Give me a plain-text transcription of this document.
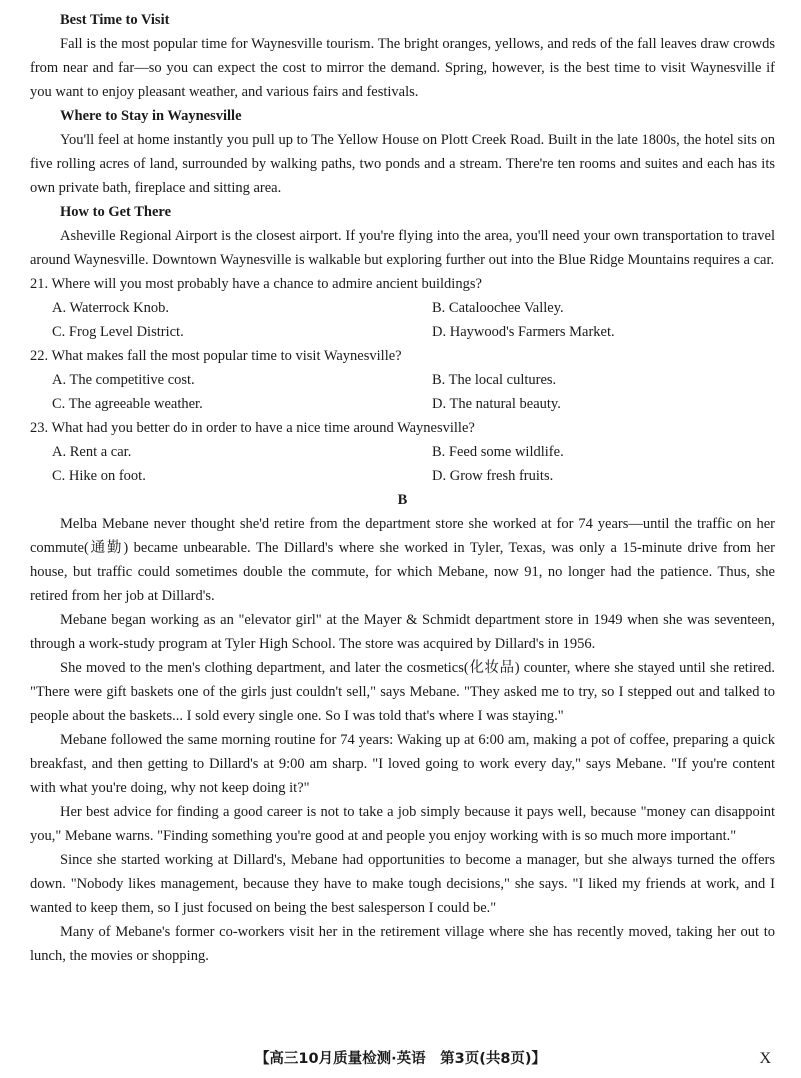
Best Time to Visit

Fall is the most popular time for Waynesville tourism. The bright oranges, yellows, and reds of the fall leaves draw crowds from near and far—so you can expect the cost to mirror the demand. Spring, however, is the best time to visit Waynesville if you want to enjoy pleasant weather, and various fairs and festivals.

Where to Stay in Waynesville

You'll feel at home instantly you pull up to The Yellow House on Plott Creek Road. Built in the late 1800s, the hotel sits on five rolling acres of land, surrounded by walking paths, two ponds and a stream. There're ten rooms and suites and each has its own private bath, fireplace and sitting area.

How to Get There

Asheville Regional Airport is the closest airport. If you're flying into the area, you'll need your own transportation to travel around Waynesville. Downtown Waynesville is walkable but exploring further out into the Blue Ridge Mountains requires a car.

21. Where will you most probably have a chance to admire ancient buildings?

A. Waterrock Knob.	B. Cataloochee Valley.
C. Frog Level District.	D. Haywood's Farmers Market.

22. What makes fall the most popular time to visit Waynesville?

A. The competitive cost.	B. The local cultures.
C. The agreeable weather.	D. The natural beauty.

23. What had you better do in order to have a nice time around Waynesville?

A. Rent a car.	B. Feed some wildlife.
C. Hike on foot.	D. Grow fresh fruits.

B

Melba Mebane never thought she'd retire from the department store she worked at for 74 years—until the traffic on her commute(通勤) became unbearable. The Dillard's where she worked in Tyler, Texas, was only a 15-minute drive from her house, but traffic could sometimes double the commute, for which Mebane, now 91, no longer had the patience. Thus, she retired from her job at Dillard's.

Mebane began working as an "elevator girl" at the Mayer & Schmidt department store in 1949 when she was seventeen, through a work-study program at Tyler High School. The store was acquired by Dillard's in 1956.

She moved to the men's clothing department, and later the cosmetics(化妆品) counter, where she stayed until she retired. "There were gift baskets one of the girls just couldn't sell," says Mebane. "They asked me to try, so I stepped out and talked to people about the baskets... I sold every single one. So I was told that's where I was staying."

Mebane followed the same morning routine for 74 years: Waking up at 6:00 am, making a pot of coffee, preparing a quick breakfast, and then getting to Dillard's at 9:00 am sharp. "I loved going to work every day," says Mebane. "If you're content with what you're doing, why not keep doing it?"

Her best advice for finding a good career is not to take a job simply because it pays well, because "money can disappoint you," Mebane warns. "Finding something you're good at and people you enjoy working with is so much more important."

Since she started working at Dillard's, Mebane had opportunities to become a manager, but she always turned the offers down. "Nobody likes management, because they have to make tough decisions," she says. "I liked my friends at work, and I wanted to keep them, so I just focused on being the best salesperson I could be."

Many of Mebane's former co-workers visit her in the retirement village where she has recently moved, taking her out to lunch, the movies or shopping.

【高三10月质量检测·英语　第3页(共8页)】	X
